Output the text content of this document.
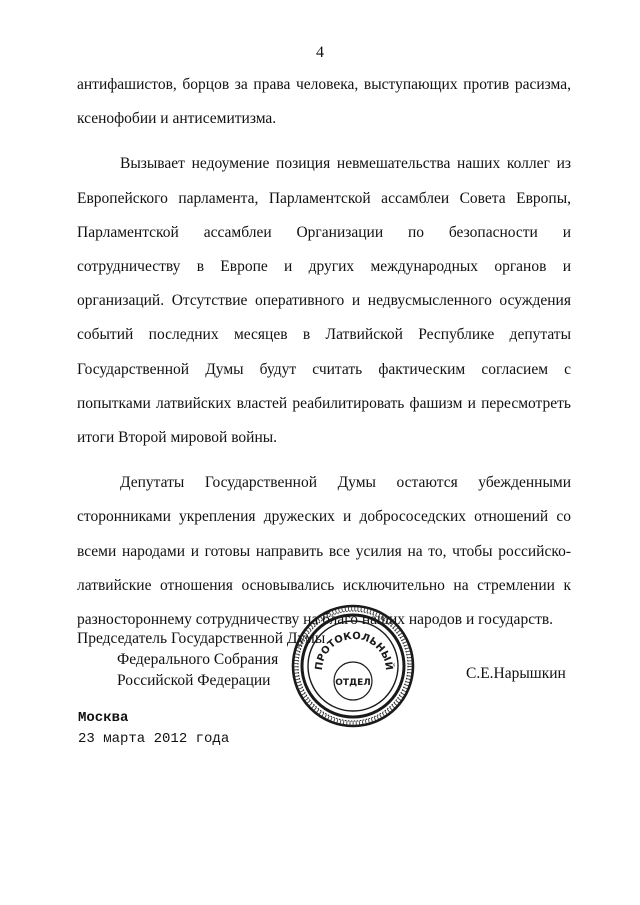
4

антифашистов, борцов за права человека, выступающих против расизма, ксенофобии и антисемитизма.

Вызывает недоумение позиция невмешательства наших коллег из Европейского парламента, Парламентской ассамблеи Совета Европы, Парламентской ассамблеи Организации по безопасности и сотрудничеству в Европе и других международных органов и организаций. Отсутствие оперативного и недвусмысленного осуждения событий последних месяцев в Латвийской Республике депутаты Государственной Думы будут считать фактическим согласием с попытками латвийских властей реабилитировать фашизм и пересмотреть итоги Второй мировой войны.

Депутаты Государственной Думы остаются убежденными сторонниками укрепления дружеских и добрососедских отношений со всеми народами и готовы направить все усилия на то, чтобы российско-латвийские отношения основывались исключительно на стремлении к разностороннему сотрудничеству на благо наших народов и государств.

Председатель Государственной Думы
Федерального Собрания
Российской Федерации	С.Е.Нарышкин
ПРОТОКОЛЬНЫЙ
ОТДЕЛ
Москва
23 марта 2012 года
